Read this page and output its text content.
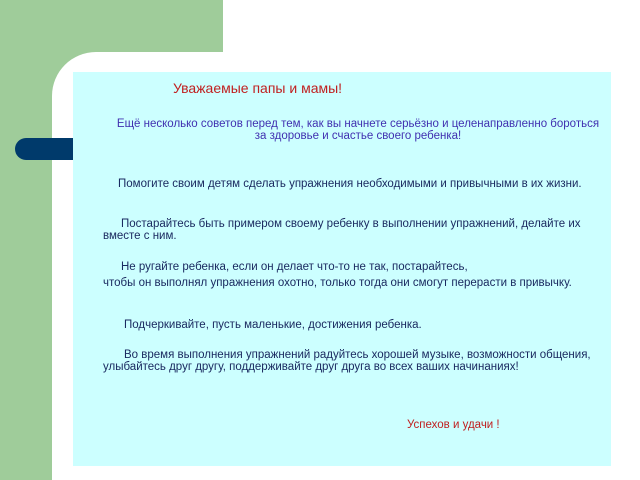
Уважаемые папы и мамы!

Ещё несколько советов перед тем, как вы начнете серьёзно и целенаправленно бороться за здоровье и счастье своего ребенка!

Помогите своим детям сделать упражнения необходимыми и привычными в их жизни.

Постарайтесь быть примером своему ребенку в выполнении упражнений, делайте их вместе с ним.

Не ругайте ребенка, если он делает что-то не так, постарайтесь,

чтобы он выполнял упражнения охотно, только тогда они смогут перерасти в привычку.

Подчеркивайте, пусть маленькие, достижения ребенка.

Во время выполнения упражнений радуйтесь хорошей музыке, возможности общения, улыбайтесь друг другу, поддерживайте друг друга во всех ваших начинаниях!

Успехов и удачи !
